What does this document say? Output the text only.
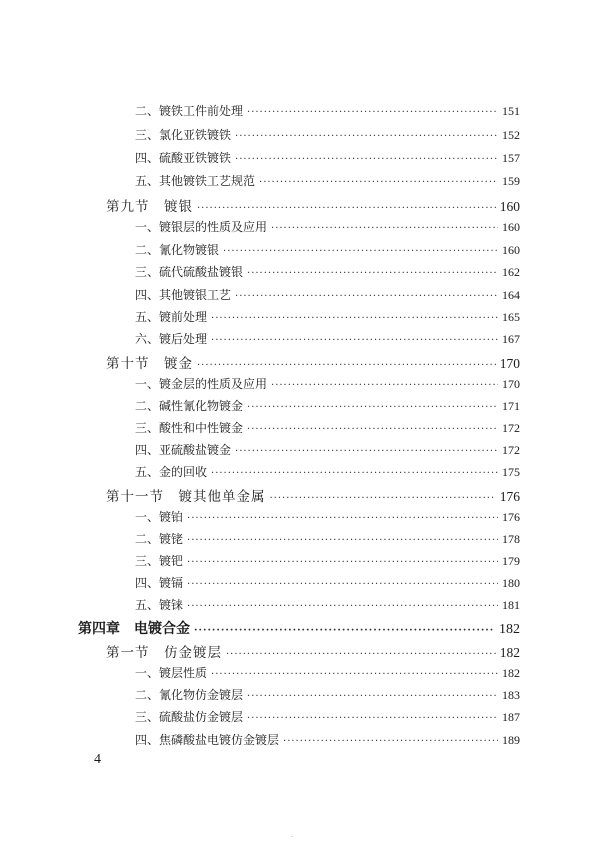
二、镀铁工件前处理 ·····	151
三、氯化亚铁镀铁 ·····	152
四、硫酸亚铁镀铁 ·····	157
五、其他镀铁工艺规范 ·····	159
第九节　镀银 ·····	160
一、镀银层的性质及应用 ·····	160
二、氰化物镀银 ·····	160
三、硫代硫酸盐镀银 ·····	162
四、其他镀银工艺 ·····	164
五、镀前处理 ·····	165
六、镀后处理 ·····	167
第十节　镀金 ·····	170
一、镀金层的性质及应用 ·····	170
二、碱性氰化物镀金 ·····	171
三、酸性和中性镀金 ·····	172
四、亚硫酸盐镀金 ·····	172
五、金的回收 ·····	175
第十一节　镀其他单金属 ·····	176
一、镀铂 ·····	176
二、镀铑 ·····	178
三、镀钯 ·····	179
四、镀镉 ·····	180
五、镀铼 ·····	181
第四章　电镀合金 ·····	182
第一节　仿金镀层 ·····	182
一、镀层性质 ·····	182
二、氰化物仿金镀层 ·····	183
三、硫酸盐仿金镀层 ·····	187
四、焦磷酸盐电镀仿金镀层 ·····	189
4
.
